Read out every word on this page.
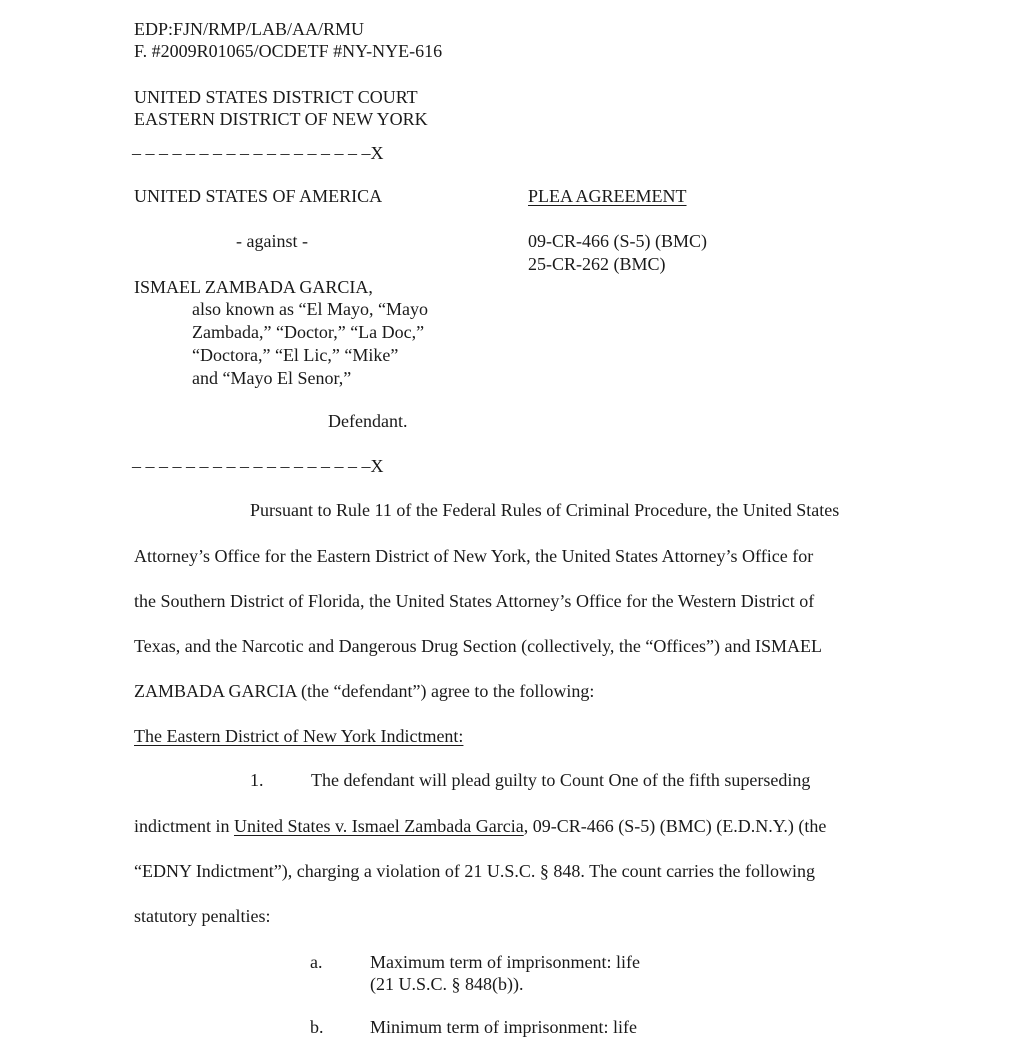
EDP:FJN/RMP/LAB/AA/RMU
F. #2009R01065/OCDETF #NY-NYE-616
UNITED STATES DISTRICT COURT
EASTERN DISTRICT OF NEW YORK
– – – – – – – – – – – – – – – – – –X
UNITED STATES OF AMERICA
- against -
ISMAEL ZAMBADA GARCIA,
also known as “El Mayo, “Mayo
Zambada,” “Doctor,” “La Doc,”
“Doctora,” “El Lic,” “Mike”
and “Mayo El Senor,”
Defendant.
PLEA AGREEMENT
09-CR-466 (S-5) (BMC)
25-CR-262 (BMC)
– – – – – – – – – – – – – – – – – –X
Pursuant to Rule 11 of the Federal Rules of Criminal Procedure, the United States
Attorney’s Office for the Eastern District of New York, the United States Attorney’s Office for
the Southern District of Florida, the United States Attorney’s Office for the Western District of
Texas, and the Narcotic and Dangerous Drug Section (collectively, the “Offices”) and ISMAEL
ZAMBADA GARCIA (the “defendant”) agree to the following:
The Eastern District of New York Indictment:
1.	The defendant will plead guilty to Count One of the fifth superseding
indictment in United States v. Ismael Zambada Garcia, 09-CR-466 (S-5) (BMC) (E.D.N.Y.) (the
“EDNY Indictment”), charging a violation of 21 U.S.C. § 848. The count carries the following
statutory penalties:
a.	Maximum term of imprisonment: life
(21 U.S.C. § 848(b)).
b.	Minimum term of imprisonment: life
